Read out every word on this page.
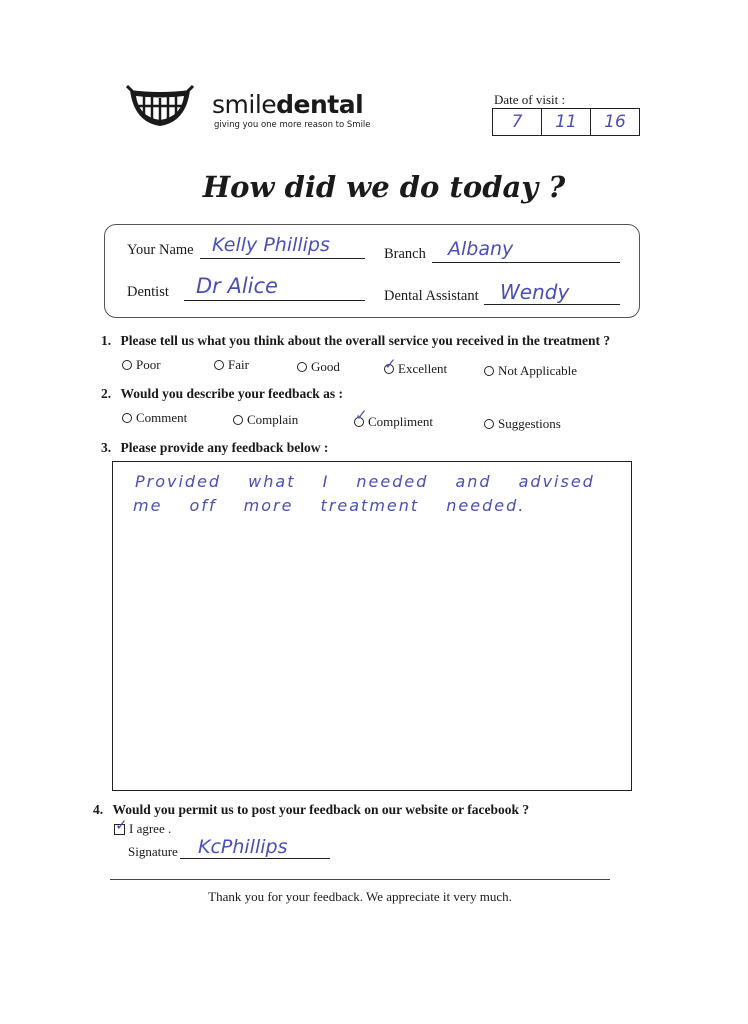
smiledental
giving you one more reason to Smile
Date of visit :
7	11	16
How did we do today ?
Your Name Kelly Phillips	Branch Albany
Dentist Dr Alice	Dental Assistant Wendy
1. Please tell us what you think about the overall service you received in the treatment ?
Poor	Fair	Good	✓ Excellent	Not Applicable
2. Would you describe your feedback as :
Comment	Complain	✓ Compliment	Suggestions
3. Please provide any feedback below :
Provided what I needed and advised
me off more treatment needed.
4. Would you permit us to post your feedback on our website or facebook ?
✓ I agree .
Signature KcPhillips
Thank you for your feedback. We appreciate it very much.
